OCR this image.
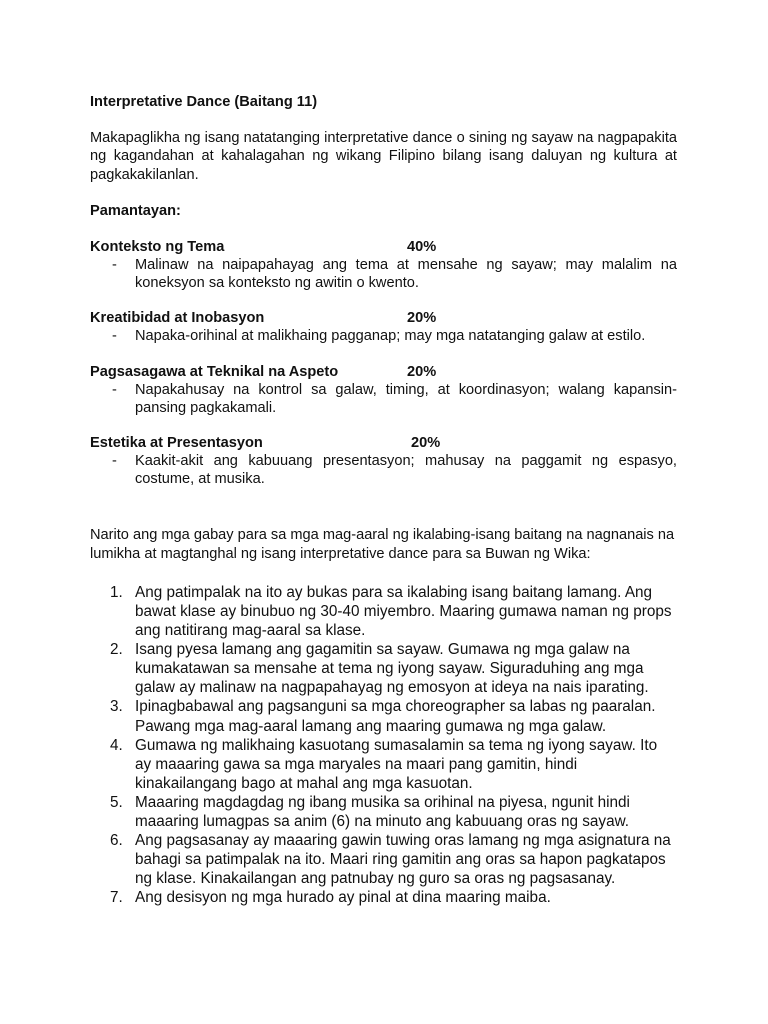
Interpretative Dance (Baitang 11)
Makapaglikha ng isang natatanging interpretative dance o sining ng sayaw na nagpapakita ng kagandahan at kahalagahan ng wikang Filipino bilang isang daluyan ng kultura at pagkakakilanlan.
Pamantayan:
Konteksto ng Tema	40%
- Malinaw na naipapahayag ang tema at mensahe ng sayaw; may malalim na koneksyon sa konteksto ng awitin o kwento.
Kreatibidad at Inobasyon	20%
- Napaka-orihinal at malikhaing pagganap; may mga natatanging galaw at estilo.
Pagsasagawa at Teknikal na Aspeto	20%
- Napakahusay na kontrol sa galaw, timing, at koordinasyon; walang kapansin-pansing pagkakamali.
Estetika at Presentasyon	20%
- Kaakit-akit ang kabuuang presentasyon; mahusay na paggamit ng espasyo, costume, at musika.
Narito ang mga gabay para sa mga mag-aaral ng ikalabing-isang baitang na nagnanais na lumikha at magtanghal ng isang interpretative dance para sa Buwan ng Wika:
1. Ang patimpalak na ito ay bukas para sa ikalabing isang baitang lamang. Ang bawat klase ay binubuo ng 30-40 miyembro. Maaring gumawa naman ng props ang natitirang mag-aaral sa klase.
2. Isang pyesa lamang ang gagamitin sa sayaw. Gumawa ng mga galaw na kumakatawan sa mensahe at tema ng iyong sayaw. Siguraduhing ang mga galaw ay malinaw na nagpapahayag ng emosyon at ideya na nais iparating.
3. Ipinagbabawal ang pagsanguni sa mga choreographer sa labas ng paaralan. Pawang mga mag-aaral lamang ang maaring gumawa ng mga galaw.
4. Gumawa ng malikhaing kasuotang sumasalamin sa tema ng iyong sayaw. Ito ay maaaring gawa sa mga maryales na maari pang gamitin, hindi kinakailangang bago at mahal ang mga kasuotan.
5. Maaaring magdagdag ng ibang musika sa orihinal na piyesa, ngunit hindi maaaring lumagpas sa anim (6) na minuto ang kabuuang oras ng sayaw.
6. Ang pagsasanay ay maaaring gawin tuwing oras lamang ng mga asignatura na bahagi sa patimpalak na ito. Maari ring gamitin ang oras sa hapon pagkatapos ng klase. Kinakailangan ang patnubay ng guro sa oras ng pagsasanay.
7. Ang desisyon ng mga hurado ay pinal at dina maaring maiba.
